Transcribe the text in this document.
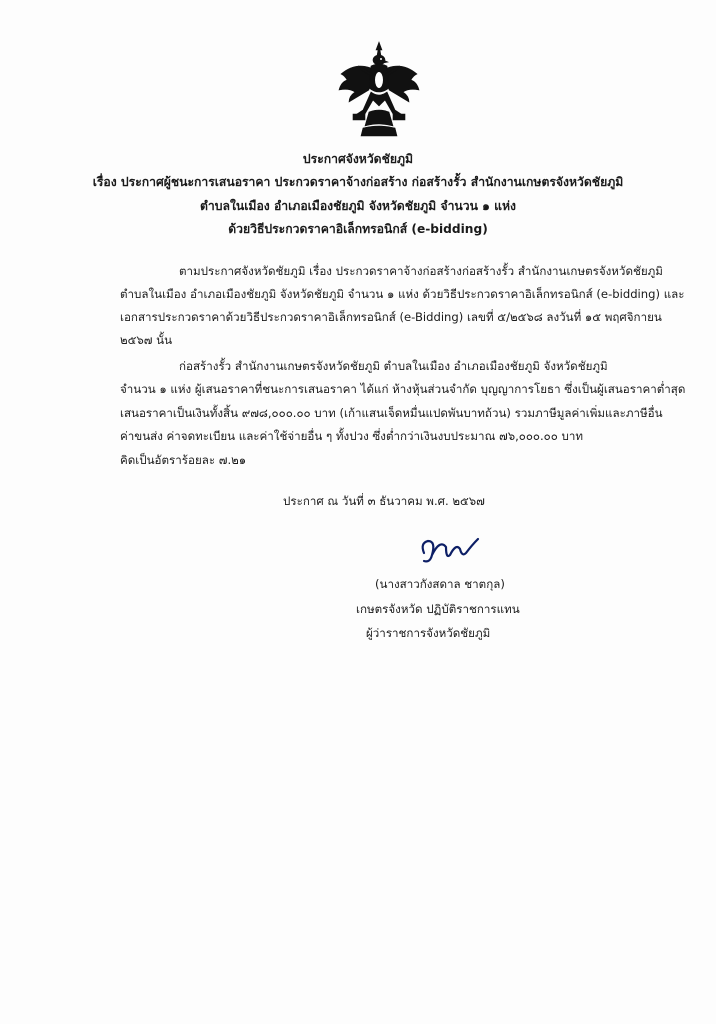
ประกาศจังหวัดชัยภูมิ
เรื่อง ประกาศผู้ชนะการเสนอราคา ประกวดราคาจ้างก่อสร้าง ก่อสร้างรั้ว สำนักงานเกษตรจังหวัดชัยภูมิ
ตำบลในเมือง อำเภอเมืองชัยภูมิ จังหวัดชัยภูมิ จำนวน ๑ แห่ง
ด้วยวิธีประกวดราคาอิเล็กทรอนิกส์ (e-bidding)
ตามประกาศจังหวัดชัยภูมิ เรื่อง ประกวดราคาจ้างก่อสร้างก่อสร้างรั้ว สำนักงานเกษตรจังหวัดชัยภูมิ
ตำบลในเมือง อำเภอเมืองชัยภูมิ จังหวัดชัยภูมิ จำนวน ๑ แห่ง ด้วยวิธีประกวดราคาอิเล็กทรอนิกส์ (e-bidding) และ
เอกสารประกวดราคาด้วยวิธีประกวดราคาอิเล็กทรอนิกส์ (e-Bidding) เลขที่ ๕/๒๕๖๘ ลงวันที่ ๑๕ พฤศจิกายน
๒๕๖๗ นั้น
ก่อสร้างรั้ว สำนักงานเกษตรจังหวัดชัยภูมิ ตำบลในเมือง อำเภอเมืองชัยภูมิ จังหวัดชัยภูมิ
จำนวน ๑ แห่ง ผู้เสนอราคาที่ชนะการเสนอราคา ได้แก่ ห้างหุ้นส่วนจำกัด บุญญาการโยธา ซึ่งเป็นผู้เสนอราคาต่ำสุด
เสนอราคาเป็นเงินทั้งสิ้น ๙๗๘,๐๐๐.๐๐ บาท (เก้าแสนเจ็ดหมื่นแปดพันบาทถ้วน) รวมภาษีมูลค่าเพิ่มและภาษีอื่น
ค่าขนส่ง ค่าจดทะเบียน และค่าใช้จ่ายอื่น ๆ ทั้งปวง ซึ่งต่ำกว่าเงินงบประมาณ ๗๖,๐๐๐.๐๐ บาท
คิดเป็นอัตราร้อยละ ๗.๒๑
ประกาศ ณ วันที่ ๓ ธันวาคม พ.ศ. ๒๕๖๗
(นางสาวกังสดาล ชาตกุล)
เกษตรจังหวัด ปฏิบัติราชการแทน
ผู้ว่าราชการจังหวัดชัยภูมิ
